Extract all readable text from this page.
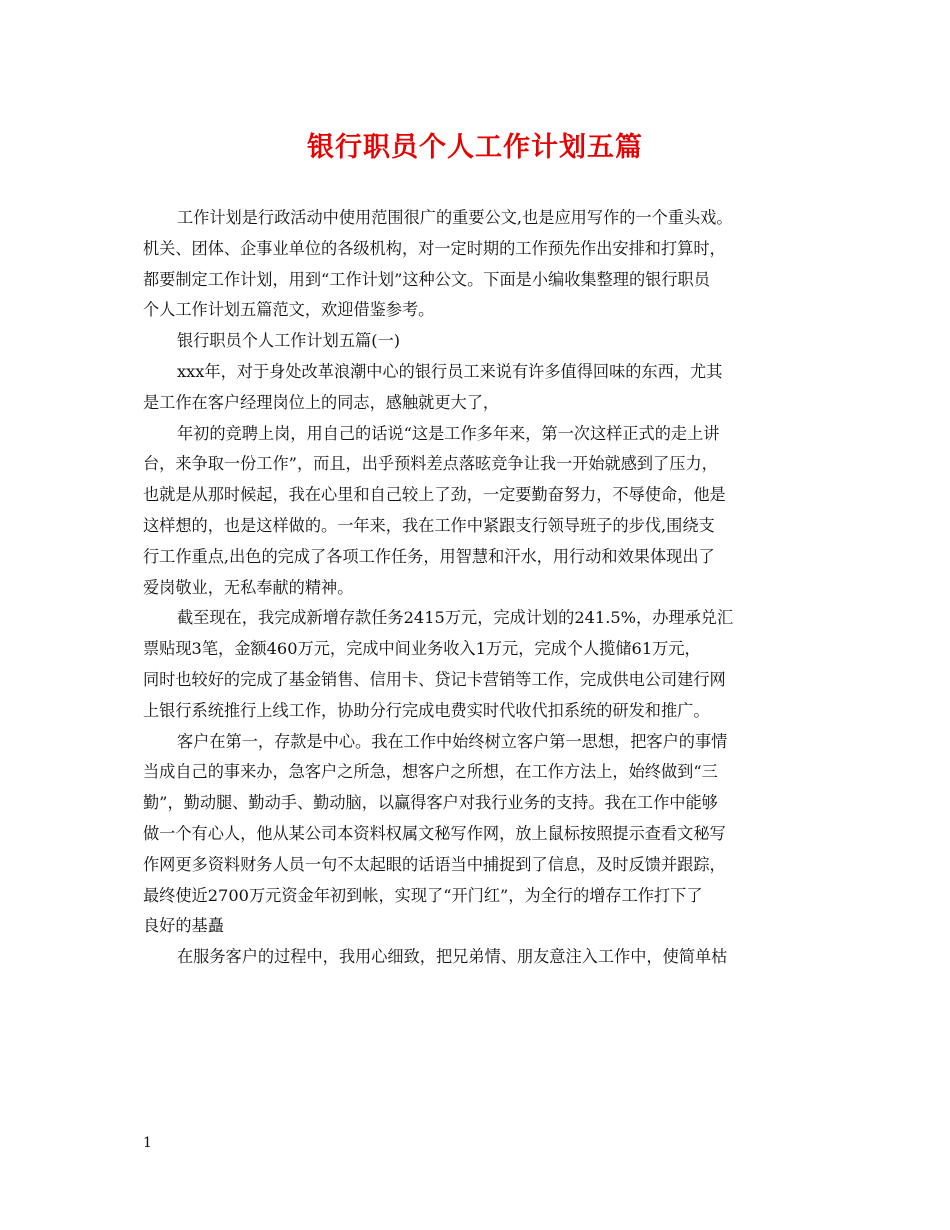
银行职员个人工作计划五篇
工作计划是行政活动中使用范围很广的重要公文,也是应用写作的一个重头戏。
机关、团体、企事业单位的各级机构，对一定时期的工作预先作出安排和打算时，
都要制定工作计划，用到“工作计划”这种公文。下面是小编收集整理的银行职员
个人工作计划五篇范文，欢迎借鉴参考。
银行职员个人工作计划五篇(一)
xxx年，对于身处改革浪潮中心的银行员工来说有许多值得回味的东西，尤其
是工作在客户经理岗位上的同志，感触就更大了，
年初的竞聘上岗，用自己的话说“这是工作多年来，第一次这样正式的走上讲
台，来争取一份工作”，而且，出乎预料差点落昡竞争让我一开始就感到了压力，
也就是从那时候起，我在心里和自己较上了劲，一定要勤奋努力，不辱使命，他是
这样想的，也是这样做的。一年来，我在工作中紧跟支行领导班子的步伐,围绕支
行工作重点,出色的完成了各项工作任务，用智慧和汗水，用行动和效果体现出了
爱岗敬业，无私奉献的精神。
截至现在，我完成新增存款任务2415万元，完成计划的241.5%，办理承兑汇
票贴现3笔，金额460万元，完成中间业务收入1万元，完成个人揽储61万元，
同时也较好的完成了基金销售、信用卡、贷记卡营销等工作，完成供电公司建行网
上银行系统推行上线工作，协助分行完成电费实时代收代扣系统的研发和推广。
客户在第一，存款是中心。我在工作中始终树立客户第一思想，把客户的事情
当成自己的事来办，急客户之所急，想客户之所想，在工作方法上，始终做到“三
勤”，勤动腿、勤动手、勤动脑，以赢得客户对我行业务的支持。我在工作中能够
做一个有心人，他从某公司本资料权属文秘写作网，放上鼠标按照提示查看文秘写
作网更多资料财务人员一句不太起眼的话语当中捕捉到了信息，及时反馈并跟踪，
最终使近2700万元资金年初到帐，实现了“开门红”，为全行的增存工作打下了
良好的基矗
在服务客户的过程中，我用心细致，把兄弟情、朋友意注入工作中，使简单枯
1
